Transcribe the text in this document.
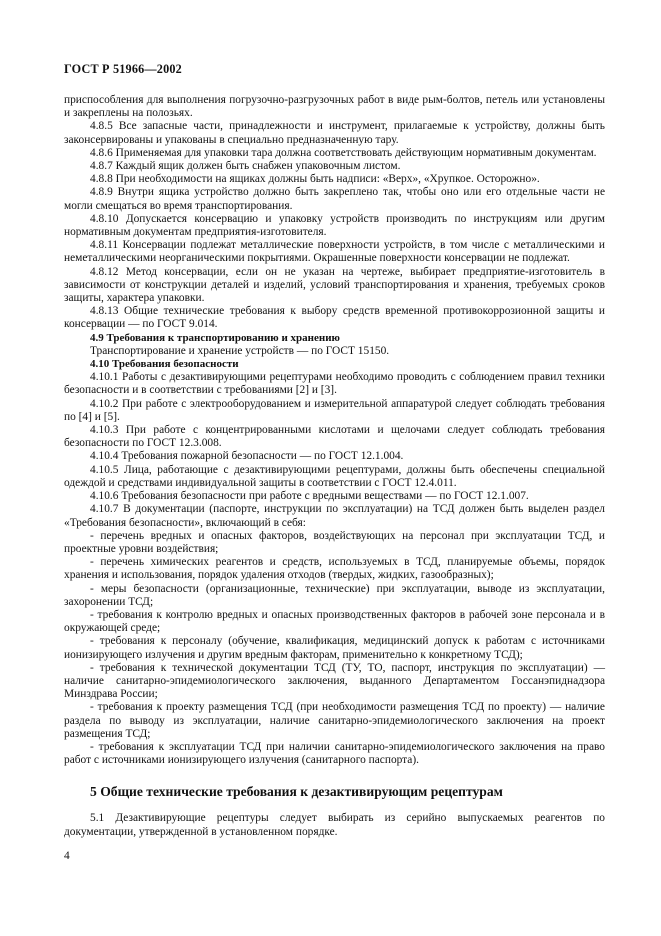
ГОСТ Р 51966—2002

приспособления для выполнения погрузочно-разгрузочных работ в виде рым-болтов, петель или установлены и закреплены на полозьях.

4.8.5 Все запасные части, принадлежности и инструмент, прилагаемые к устройству, должны быть законсервированы и упакованы в специально предназначенную тару.

4.8.6 Применяемая для упаковки тара должна соответствовать действующим нормативным документам.

4.8.7 Каждый ящик должен быть снабжен упаковочным листом.

4.8.8 При необходимости на ящиках должны быть надписи: «Верх», «Хрупкое. Осторожно».

4.8.9 Внутри ящика устройство должно быть закреплено так, чтобы оно или его отдельные части не могли смещаться во время транспортирования.

4.8.10 Допускается консервацию и упаковку устройств производить по инструкциям или другим нормативным документам предприятия-изготовителя.

4.8.11 Консервации подлежат металлические поверхности устройств, в том числе с металлическими и неметаллическими неорганическими покрытиями. Окрашенные поверхности консервации не подлежат.

4.8.12 Метод консервации, если он не указан на чертеже, выбирает предприятие-изготовитель в зависимости от конструкции деталей и изделий, условий транспортирования и хранения, требуемых сроков защиты, характера упаковки.

4.8.13 Общие технические требования к выбору средств временной противокоррозионной защиты и консервации — по ГОСТ 9.014.

4.9 Требования к транспортированию и хранению

Транспортирование и хранение устройств — по ГОСТ 15150.

4.10 Требования безопасности

4.10.1 Работы с дезактивирующими рецептурами необходимо проводить с соблюдением правил техники безопасности и в соответствии с требованиями [2] и [3].

4.10.2 При работе с электрооборудованием и измерительной аппаратурой следует соблюдать требования по [4] и [5].

4.10.3 При работе с концентрированными кислотами и щелочами следует соблюдать требования безопасности по ГОСТ 12.3.008.

4.10.4 Требования пожарной безопасности — по ГОСТ 12.1.004.

4.10.5 Лица, работающие с дезактивирующими рецептурами, должны быть обеспечены специальной одеждой и средствами индивидуальной защиты в соответствии с ГОСТ 12.4.011.

4.10.6 Требования безопасности при работе с вредными веществами — по ГОСТ 12.1.007.

4.10.7 В документации (паспорте, инструкции по эксплуатации) на ТСД должен быть выделен раздел «Требования безопасности», включающий в себя:

- перечень вредных и опасных факторов, воздействующих на персонал при эксплуатации ТСД, и проектные уровни воздействия;

- перечень химических реагентов и средств, используемых в ТСД, планируемые объемы, порядок хранения и использования, порядок удаления отходов (твердых, жидких, газообразных);

- меры безопасности (организационные, технические) при эксплуатации, выводе из эксплуатации, захоронении ТСД;

- требования к контролю вредных и опасных производственных факторов в рабочей зоне персонала и в окружающей среде;

- требования к персоналу (обучение, квалификация, медицинский допуск к работам с источниками ионизирующего излучения и другим вредным факторам, применительно к конкретному ТСД);

- требования к технической документации ТСД (ТУ, ТО, паспорт, инструкция по эксплуатации) — наличие санитарно-эпидемиологического заключения, выданного Департаментом Госсанэпиднадзора Минздрава России;

- требования к проекту размещения ТСД (при необходимости размещения ТСД по проекту) — наличие раздела по выводу из эксплуатации, наличие санитарно-эпидемиологического заключения на проект размещения ТСД;

- требования к эксплуатации ТСД при наличии санитарно-эпидемиологического заключения на право работ с источниками ионизирующего излучения (санитарного паспорта).

5 Общие технические требования к дезактивирующим рецептурам

5.1 Дезактивирующие рецептуры следует выбирать из серийно выпускаемых реагентов по документации, утвержденной в установленном порядке.

4
